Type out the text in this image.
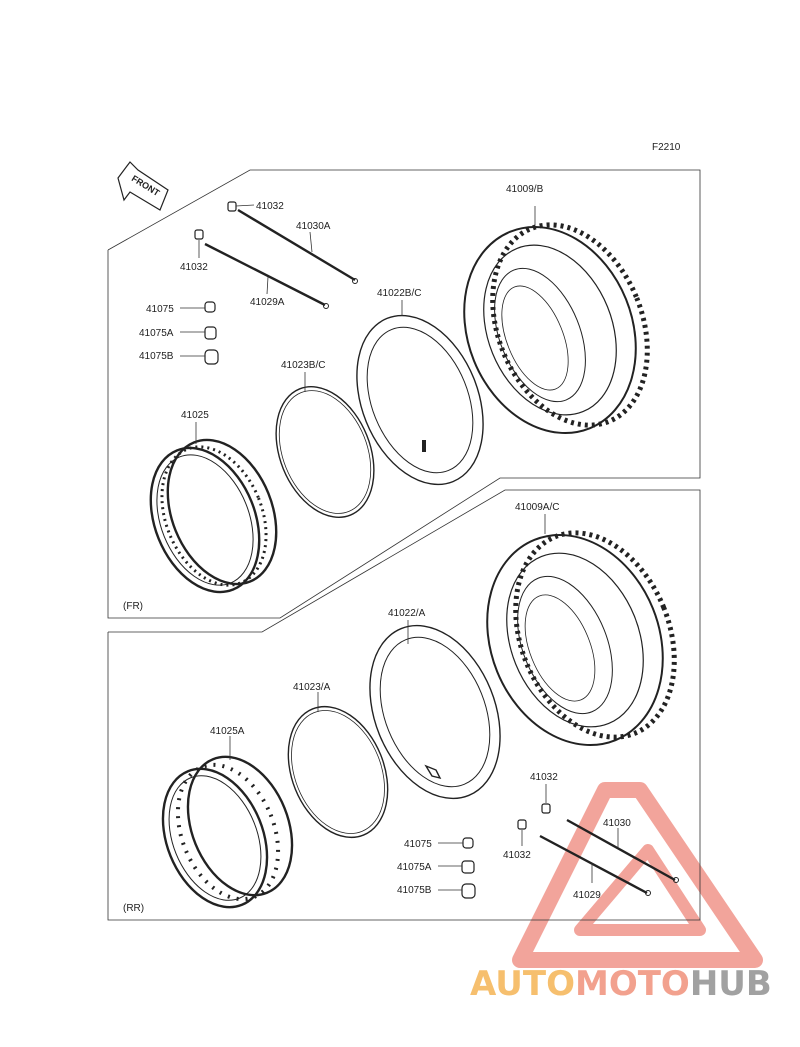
F2210
FRONT
(FR)
(RR)
41032
41032
41030A
41029A
41075
41075A
41075B
41009/B
41022B/C
41023B/C
41025
41009A/C
41022/A
41023/A
41025A
41032
41032
41030
41029
41075
41075A
41075B
AUTOMOTOHUB
